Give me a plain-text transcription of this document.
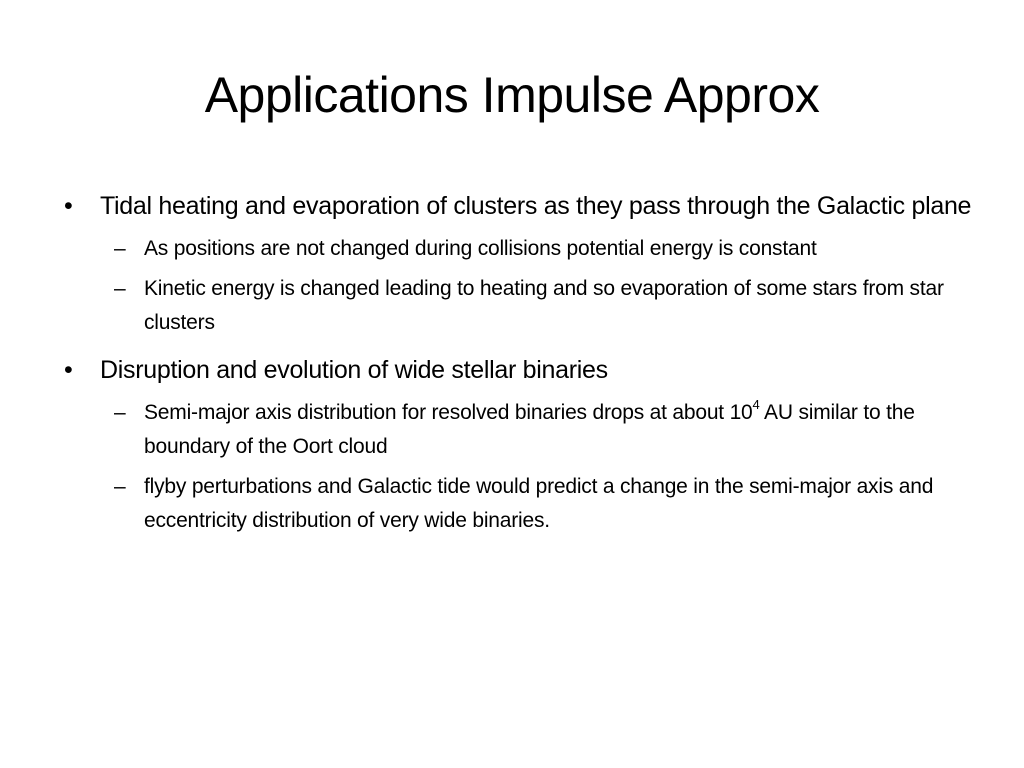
Applications Impulse Approx
• Tidal heating and evaporation of clusters as they pass through the Galactic plane
– As positions are not changed during collisions potential energy is constant
– Kinetic energy is changed leading to heating and so evaporation of some stars from star clusters
• Disruption and evolution of wide stellar binaries
– Semi-major axis distribution for resolved binaries drops at about $10^4$ AU similar to the boundary of the Oort cloud
– flyby perturbations and Galactic tide would predict a change in the semi-major axis and eccentricity distribution of very wide binaries.
